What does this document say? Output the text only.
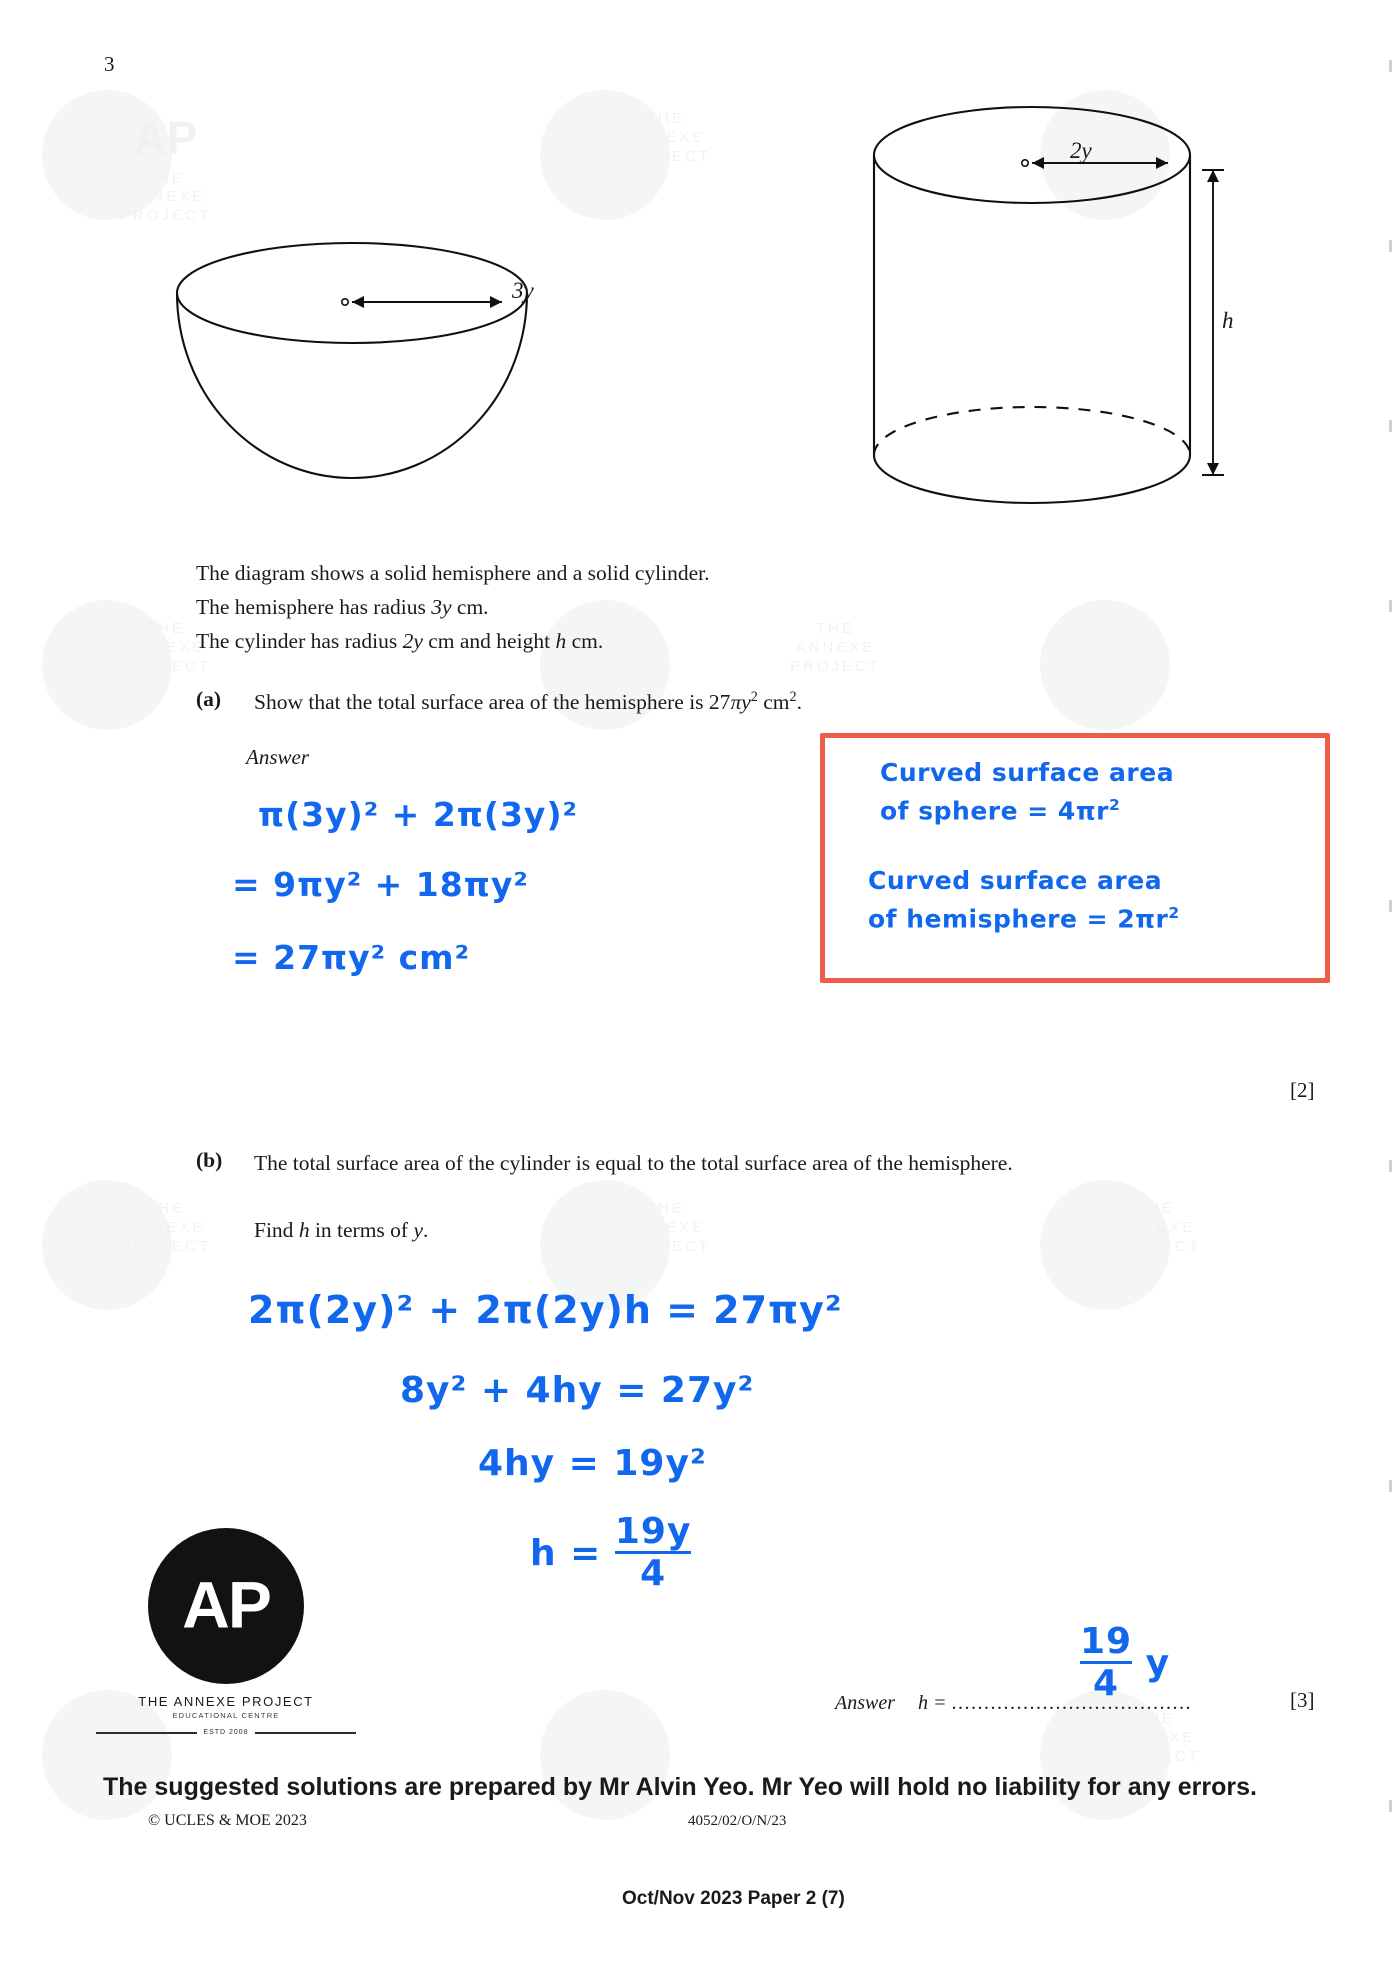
AP
THE
ANNEXE
PROJECT
THE
ANNEXE
PROJECT
THE
ANNEXE
PROJECT
THE
ANNEXE
PROJECT
THE
ANNEXE
PROJECT
THE
ANNEXE
PROJECT
THE
ANNEXE
PROJECT
THE
ANNEXE
PROJECT
3
3y
2y
h
The diagram shows a solid hemisphere and a solid cylinder.
The hemisphere has radius 3y cm.
The cylinder has radius 2y cm and height h cm.
(a) Show that the total surface area of the hemisphere is $27\pi y^2$ $cm^2$.
Answer
π(3y)² + 2π(3y)²
= 9πy² + 18πy²
= 27πy² cm²
Curved surface area
of sphere = $4\pi r^2$
Curved surface area
of hemisphere = $2\pi r^2$
[2]
(b) The total surface area of the cylinder is equal to the total surface area of the hemisphere.
Find h in terms of y.
2π(2y)² + 2π(2y)h = 27πy²
8y² + 4hy = 27y²
4hy = 19y²
$h = \frac{19y}{4}$
$\frac{19}{4}$ y
Answer h = .....................................	[3]
AP
THE ANNEXE PROJECT
EDUCATIONAL CENTRE
ESTD 2008
The suggested solutions are prepared by Mr Alvin Yeo. Mr Yeo will hold no liability for any errors.
© UCLES & MOE 2023	4052/02/O/N/23
Oct/Nov 2023 Paper 2 (7)
